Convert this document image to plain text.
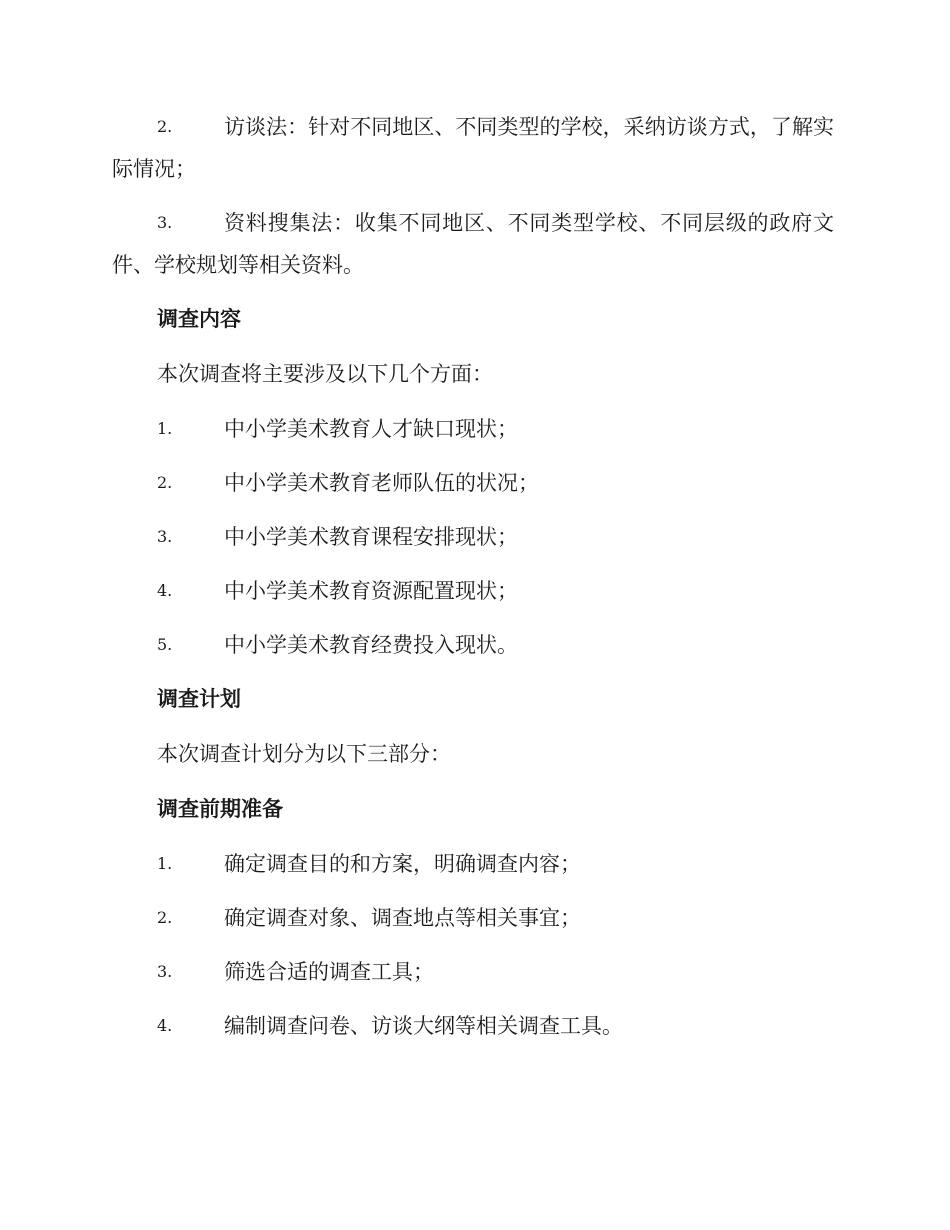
2.	访谈法：针对不同地区、不同类型的学校，采纳访谈方式，了解实际情况；
3.	资料搜集法：收集不同地区、不同类型学校、不同层级的政府文件、学校规划等相关资料。
调查内容
本次调查将主要涉及以下几个方面：
1.	中小学美术教育人才缺口现状；
2.	中小学美术教育老师队伍的状况；
3.	中小学美术教育课程安排现状；
4.	中小学美术教育资源配置现状；
5.	中小学美术教育经费投入现状。
调查计划
本次调查计划分为以下三部分：
调查前期准备
1.	确定调查目的和方案，明确调查内容；
2.	确定调查对象、调查地点等相关事宜；
3.	筛选合适的调查工具；
4.	编制调查问卷、访谈大纲等相关调查工具。
